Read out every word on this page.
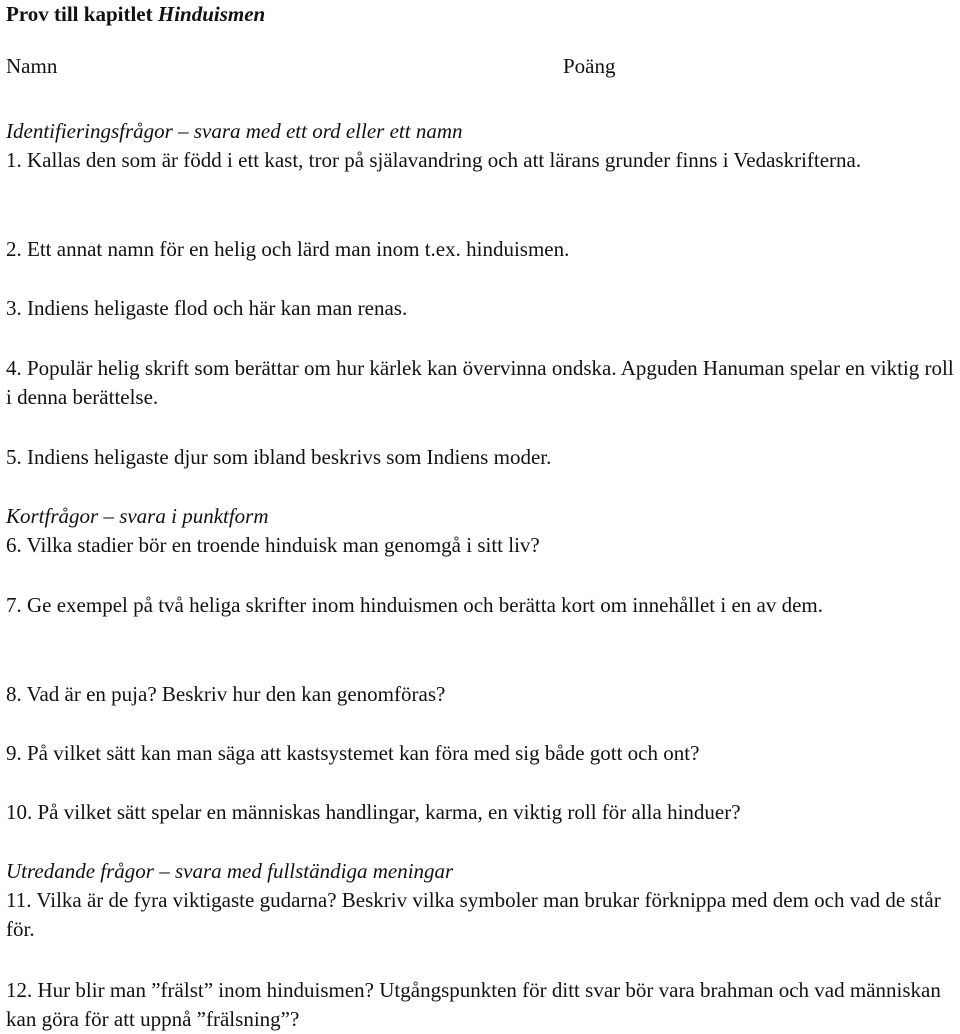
Prov till kapitlet Hinduismen
Namn	Poäng
Identifieringsfrågor – svara med ett ord eller ett namn

1. Kallas den som är född i ett kast, tror på själavandring och att lärans grunder finns i Vedaskrifterna.

2. Ett annat namn för en helig och lärd man inom t.ex. hinduismen.

3. Indiens heligaste flod och här kan man renas.

4. Populär helig skrift som berättar om hur kärlek kan övervinna ondska. Apguden Hanuman spelar en viktig roll i denna berättelse.

5. Indiens heligaste djur som ibland beskrivs som Indiens moder.

Kortfrågor – svara i punktform

6. Vilka stadier bör en troende hinduisk man genomgå i sitt liv?

7. Ge exempel på två heliga skrifter inom hinduismen och berätta kort om innehållet i en av dem.

8. Vad är en puja? Beskriv hur den kan genomföras?

9. På vilket sätt kan man säga att kastsystemet kan föra med sig både gott och ont?

10. På vilket sätt spelar en människas handlingar, karma, en viktig roll för alla hinduer?

Utredande frågor – svara med fullständiga meningar

11. Vilka är de fyra viktigaste gudarna? Beskriv vilka symboler man brukar förknippa med dem och vad de står för.

12. Hur blir man ”frälst” inom hinduismen? Utgångspunkten för ditt svar bör vara brahman och vad människan kan göra för att uppnå ”frälsning”?
